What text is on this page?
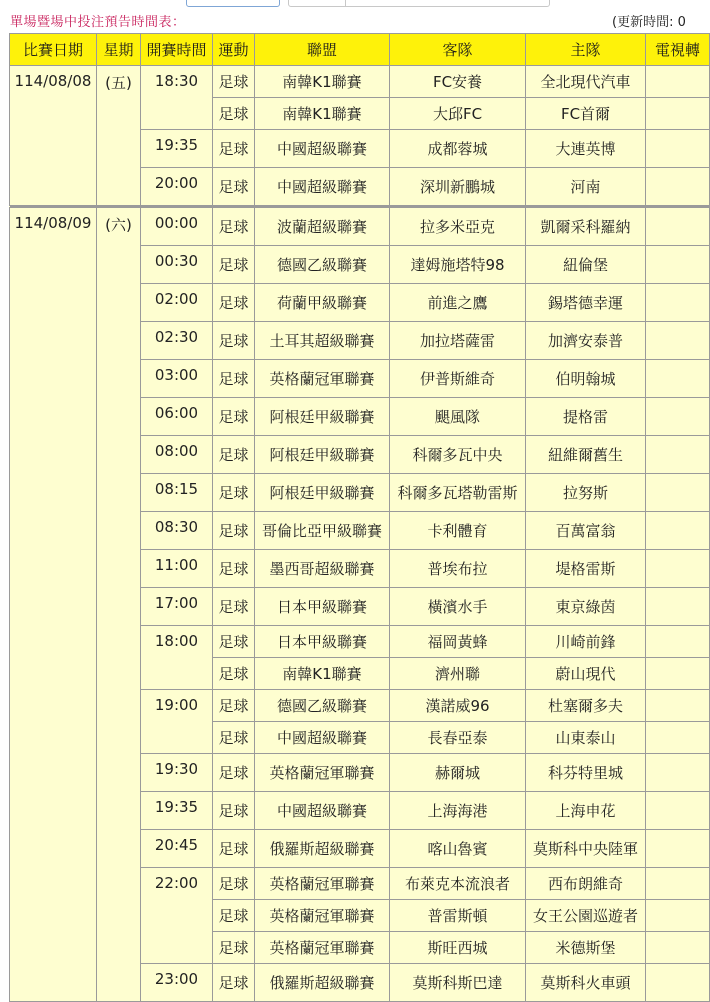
單場暨場中投注預告時間表：	(更新時間: 0
比賽日期	星期	開賽時間	運動	聯盟	客隊	主隊	電視轉
114/08/08	(五)	18:30	足球	南韓K1聯賽	FC安養	全北現代汽車	
			足球	南韓K1聯賽	大邱FC	FC首爾	
		19:35	足球	中國超級聯賽	成都蓉城	大連英博	
		20:00	足球	中國超級聯賽	深圳新鵬城	河南	

114/08/09	(六)	00:00	足球	波蘭超級聯賽	拉多米亞克	凱爾采科羅納	
		00:30	足球	德國乙級聯賽	達姆施塔特98	紐倫堡	
		02:00	足球	荷蘭甲級聯賽	前進之鷹	錫塔德幸運	
		02:30	足球	土耳其超級聯賽	加拉塔薩雷	加濟安泰普	
		03:00	足球	英格蘭冠軍聯賽	伊普斯維奇	伯明翰城	
		06:00	足球	阿根廷甲級聯賽	颶風隊	提格雷	
		08:00	足球	阿根廷甲級聯賽	科爾多瓦中央	紐維爾舊生	
		08:15	足球	阿根廷甲級聯賽	科爾多瓦塔勒雷斯	拉努斯	
		08:30	足球	哥倫比亞甲級聯賽	卡利體育	百萬富翁	
		11:00	足球	墨西哥超級聯賽	普埃布拉	堤格雷斯	
		17:00	足球	日本甲級聯賽	橫濱水手	東京綠茵	
		18:00	足球	日本甲級聯賽	福岡黃蜂	川崎前鋒	
			足球	南韓K1聯賽	濟州聯	蔚山現代	
		19:00	足球	德國乙級聯賽	漢諾威96	杜塞爾多夫	
			足球	中國超級聯賽	長春亞泰	山東泰山	
		19:30	足球	英格蘭冠軍聯賽	赫爾城	科芬特里城	
		19:35	足球	中國超級聯賽	上海海港	上海申花	
		20:45	足球	俄羅斯超級聯賽	喀山魯賓	莫斯科中央陸軍	
		22:00	足球	英格蘭冠軍聯賽	布萊克本流浪者	西布朗維奇	
			足球	英格蘭冠軍聯賽	普雷斯頓	女王公園巡遊者	
			足球	英格蘭冠軍聯賽	斯旺西城	米德斯堡	
		23:00	足球	俄羅斯超級聯賽	莫斯科斯巴達	莫斯科火車頭	
